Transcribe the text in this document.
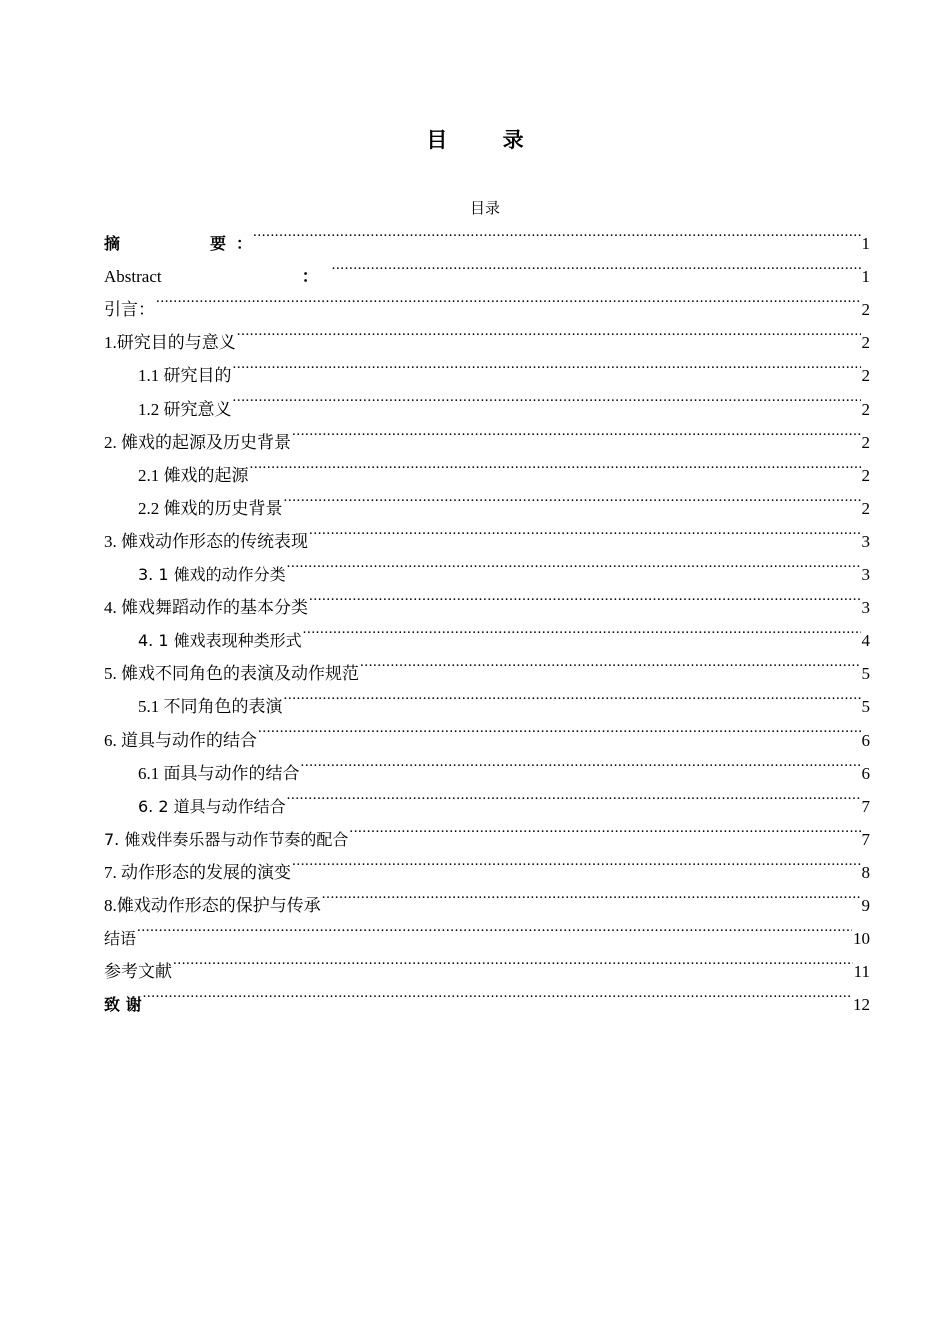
目 录
目录
摘	要 ： .....	1
Abstract	： .....	1
引言： .....	2
1.研究目的与意义 .....	2
1.1 研究目的 .....	2
1.2 研究意义 .....	2
2. 傩戏的起源及历史背景 .....	2
2.1 傩戏的起源 .....	2
2.2 傩戏的历史背景 .....	2
3. 傩戏动作形态的传统表现 .....	3
3. 1 傩戏的动作分类 .....	3
4. 傩戏舞蹈动作的基本分类 .....	3
4. 1 傩戏表现种类形式 .....	4
5. 傩戏不同角色的表演及动作规范 .....	5
5.1 不同角色的表演 .....	5
6. 道具与动作的结合 .....	6
6.1 面具与动作的结合 .....	6
6. 2 道具与动作结合 .....	7
7. 傩戏伴奏乐器与动作节奏的配合 .....	7
7. 动作形态的发展的演变 .....	8
8.傩戏动作形态的保护与传承 .....	9
结语 .....	10
参考文献 .....	11
致 谢 .....	12
